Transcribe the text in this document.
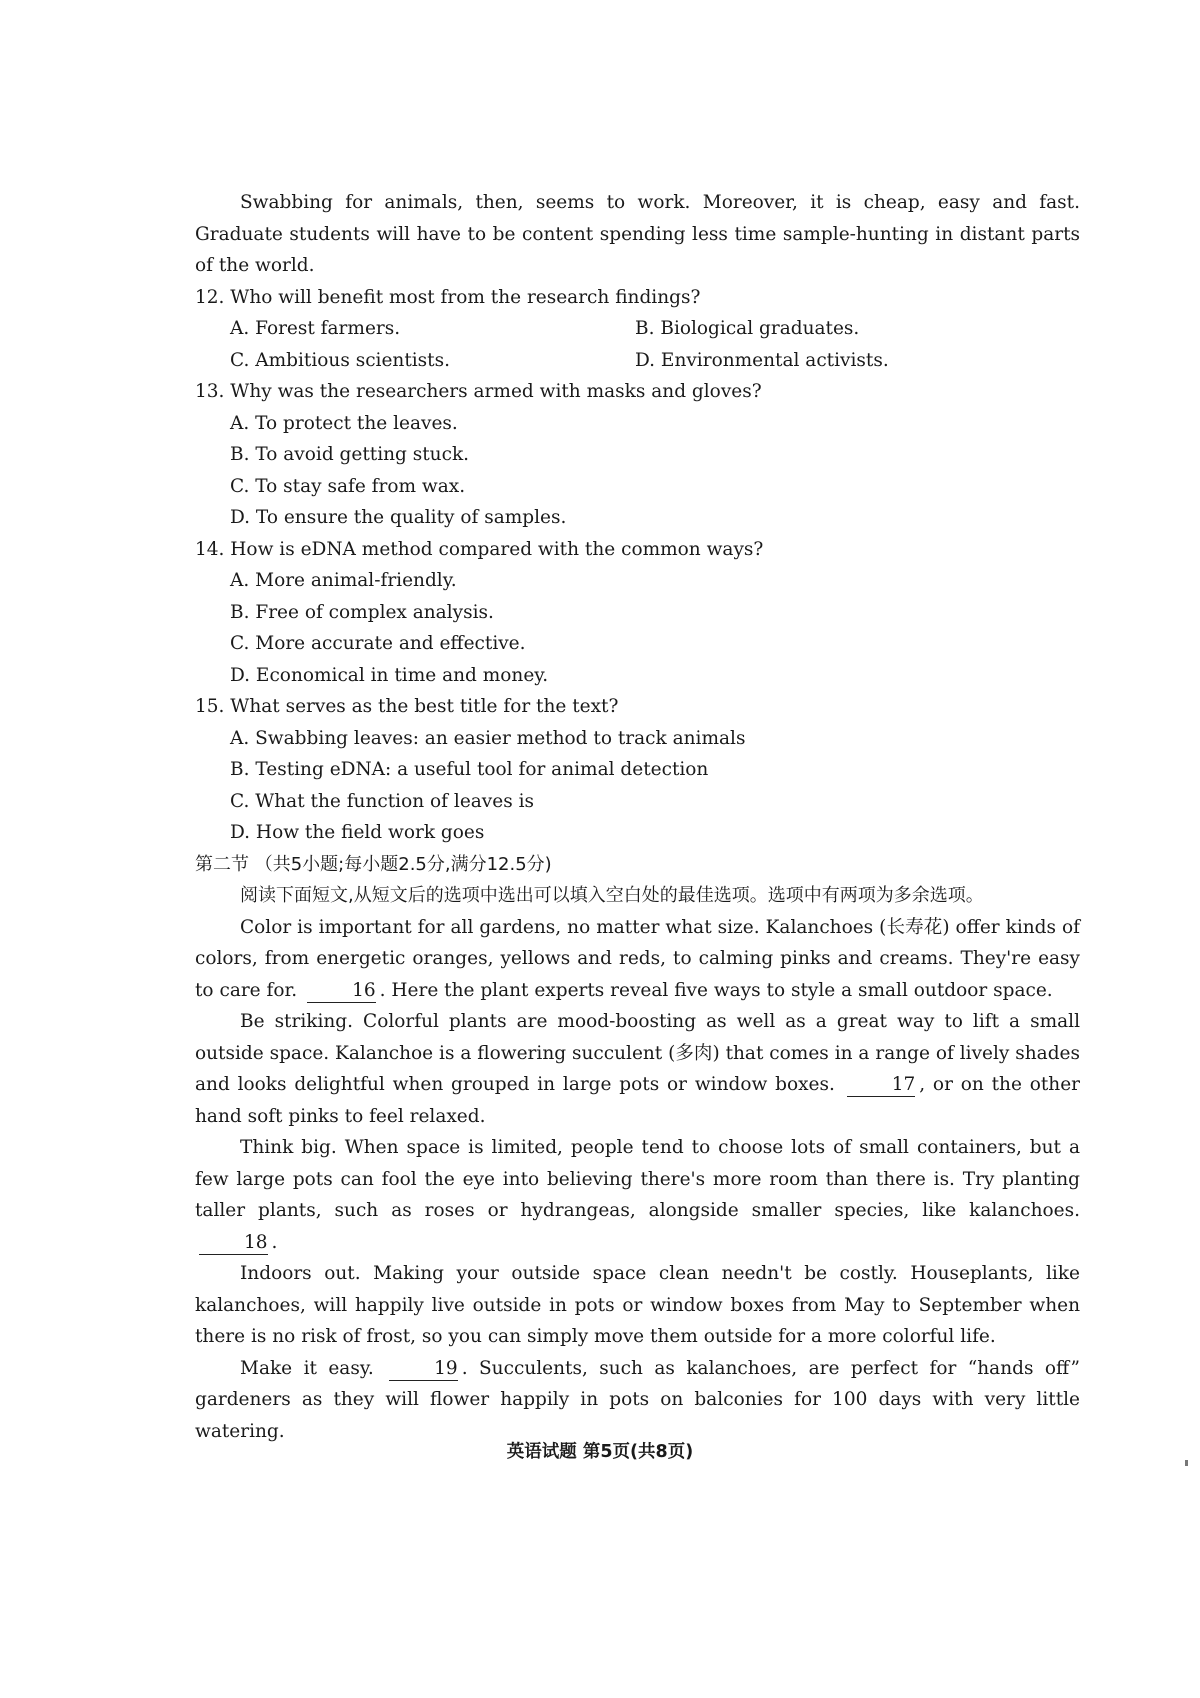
Swabbing for animals, then, seems to work. Moreover, it is cheap, easy and fast. Graduate students will have to be content spending less time sample-hunting in distant parts of the world.

12. Who will benefit most from the research findings?

A. Forest farmers.	B. Biological graduates.
C. Ambitious scientists.	D. Environmental activists.

13. Why was the researchers armed with masks and gloves?

A. To protect the leaves.

B. To avoid getting stuck.

C. To stay safe from wax.

D. To ensure the quality of samples.

14. How is eDNA method compared with the common ways?

A. More animal-friendly.

B. Free of complex analysis.

C. More accurate and effective.

D. Economical in time and money.

15. What serves as the best title for the text?

A. Swabbing leaves: an easier method to track animals

B. Testing eDNA: a useful tool for animal detection

C. What the function of leaves is

D. How the field work goes

第二节 （共5小题;每小题2.5分,满分12.5分)

阅读下面短文,从短文后的选项中选出可以填入空白处的最佳选项。选项中有两项为多余选项。

Color is important for all gardens, no matter what size. Kalanchoes (长寿花) offer kinds of colors, from energetic oranges, yellows and reds, to calming pinks and creams. They're easy to care for.	16 . Here the plant experts reveal five ways to style a small outdoor space.

Be striking. Colorful plants are mood-boosting as well as a great way to lift a small outside space. Kalanchoe is a flowering succulent (多肉) that comes in a range of lively shades and looks delightful when grouped in large pots or window boxes.	17 , or on the other hand soft pinks to feel relaxed.

Think big. When space is limited, people tend to choose lots of small containers, but a few large pots can fool the eye into believing there's more room than there is. Try planting taller plants, such as roses or hydrangeas, alongside smaller species, like kalanchoes. 18 .

Indoors out. Making your outside space clean needn't be costly. Houseplants, like kalanchoes, will happily live outside in pots or window boxes from May to September when there is no risk of frost, so you can simply move them outside for a more colorful life.

Make it easy.	19 . Succulents, such as kalanchoes, are perfect for “hands off” gardeners as they will flower happily in pots on balconies for 100 days with very little watering.

英语试题 第5页(共8页)
